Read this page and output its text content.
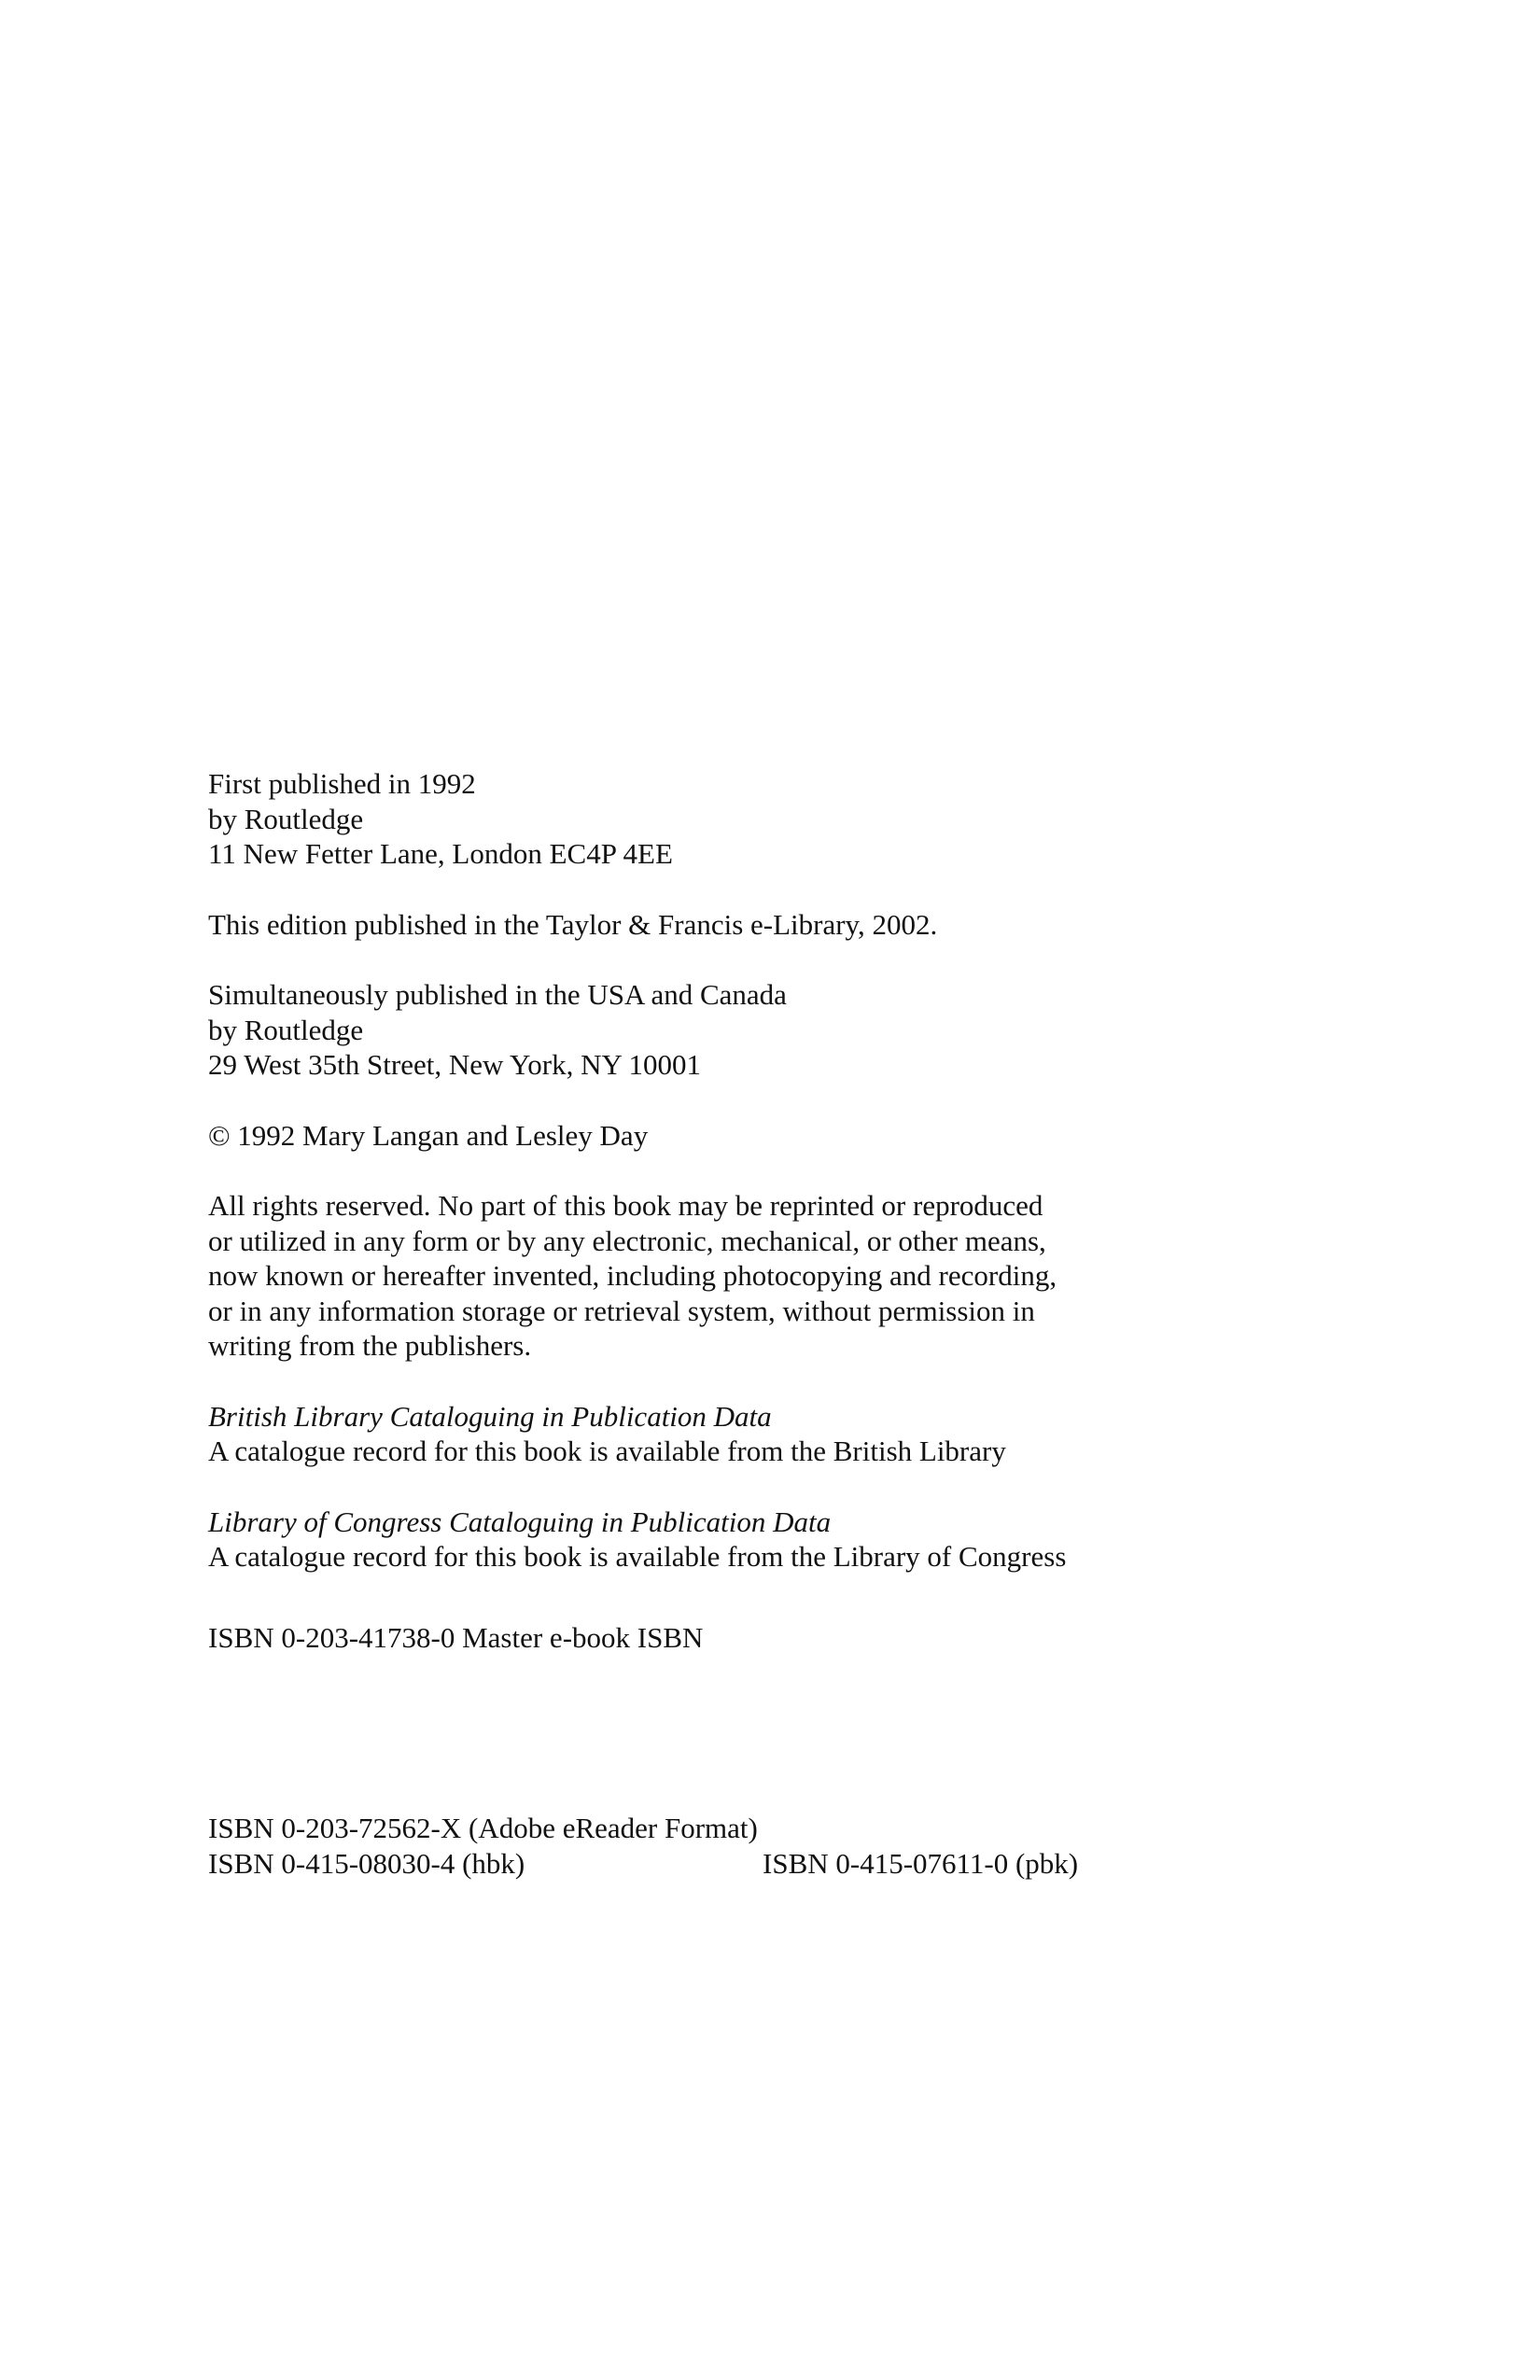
First published in 1992
by Routledge
11 New Fetter Lane, London EC4P 4EE
This edition published in the Taylor & Francis e-Library, 2002.
Simultaneously published in the USA and Canada
by Routledge
29 West 35th Street, New York, NY 10001
© 1992 Mary Langan and Lesley Day
All rights reserved. No part of this book may be reprinted or reproduced
or utilized in any form or by any electronic, mechanical, or other means,
now known or hereafter invented, including photocopying and recording,
or in any information storage or retrieval system, without permission in
writing from the publishers.
British Library Cataloguing in Publication Data
A catalogue record for this book is available from the British Library
Library of Congress Cataloguing in Publication Data
A catalogue record for this book is available from the Library of Congress
ISBN 0-203-41738-0 Master e-book ISBN
ISBN 0-203-72562-X (Adobe eReader Format)
ISBN 0-415-08030-4 (hbk)	ISBN 0-415-07611-0 (pbk)
